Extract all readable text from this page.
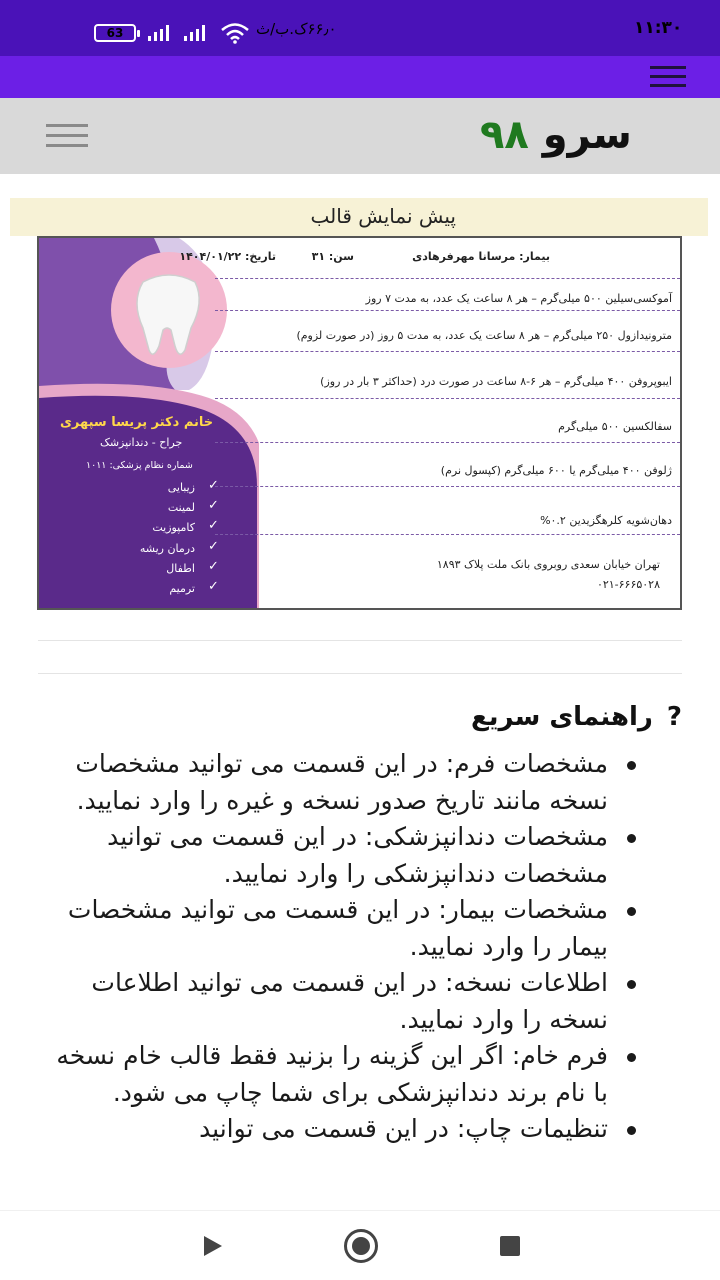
63	۶۶٫۰ک.ب/ث	۱۱:۳۰
سرو ۹۸
پیش نمایش قالب
بیمار: مرسانا مهرفرهادی
سن: ۳۱
تاریخ: ۱۴۰۴/۰۱/۲۲
آموکسی‌سیلین ۵۰۰ میلی‌گرم – هر ۸ ساعت یک عدد، به مدت ۷ روز
مترونیدازول ۲۵۰ میلی‌گرم – هر ۸ ساعت یک عدد، به مدت ۵ روز (در صورت لزوم)
ایبوپروفن ۴۰۰ میلی‌گرم – هر ۶-۸ ساعت در صورت درد (حداکثر ۳ بار در روز)
سفالکسین ۵۰۰ میلی‌گرم
ژلوفن ۴۰۰ میلی‌گرم یا ۶۰۰ میلی‌گرم (کپسول نرم)
دهان‌شویه کلرهگزیدین ۰.۲%
تهران خیابان سعدی روبروی بانک ملت پلاک ۱۸۹۳
۰۲۱-۶۶۶۵۰۲۸
خانم دکتر پریسا سپهری
جراح - دندانپزشک
شماره نظام پزشکی: ۱۰۱۱
✓
زیبایی
✓
لمینت
✓
کامپوزیت
✓
درمان ریشه
✓
اطفال
✓
ترمیم
?
راهنمای سریع
مشخصات فرم: در این قسمت می توانید مشخصات نسخه مانند تاریخ صدور نسخه و غیره را وارد نمایید.
مشخصات دندانپزشکی: در این قسمت می توانید مشخصات دندانپزشکی را وارد نمایید.
مشخصات بیمار: در این قسمت می توانید مشخصات بیمار را وارد نمایید.
اطلاعات نسخه: در این قسمت می توانید اطلاعات نسخه را وارد نمایید.
فرم خام: اگر این گزینه را بزنید فقط قالب خام نسخه با نام برند دندانپزشکی برای شما چاپ می شود.
تنظیمات چاپ: در این قسمت می توانید
